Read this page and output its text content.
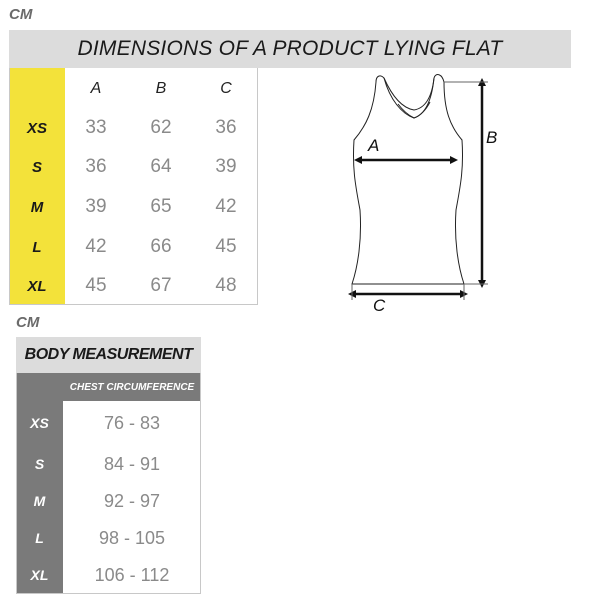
CM
CM
DIMENSIONS OF A PRODUCT LYING FLAT
A	B	C
XS	33	62	36
S	36	64	39
M	39	65	42
L	42	66	45
XL	45	67	48
A	B
C
BODY MEASUREMENT
CHEST CIRCUMFERENCE
XS	76 - 83
S	84 - 91
M	92 - 97
L	98 - 105
XL	106 - 112
